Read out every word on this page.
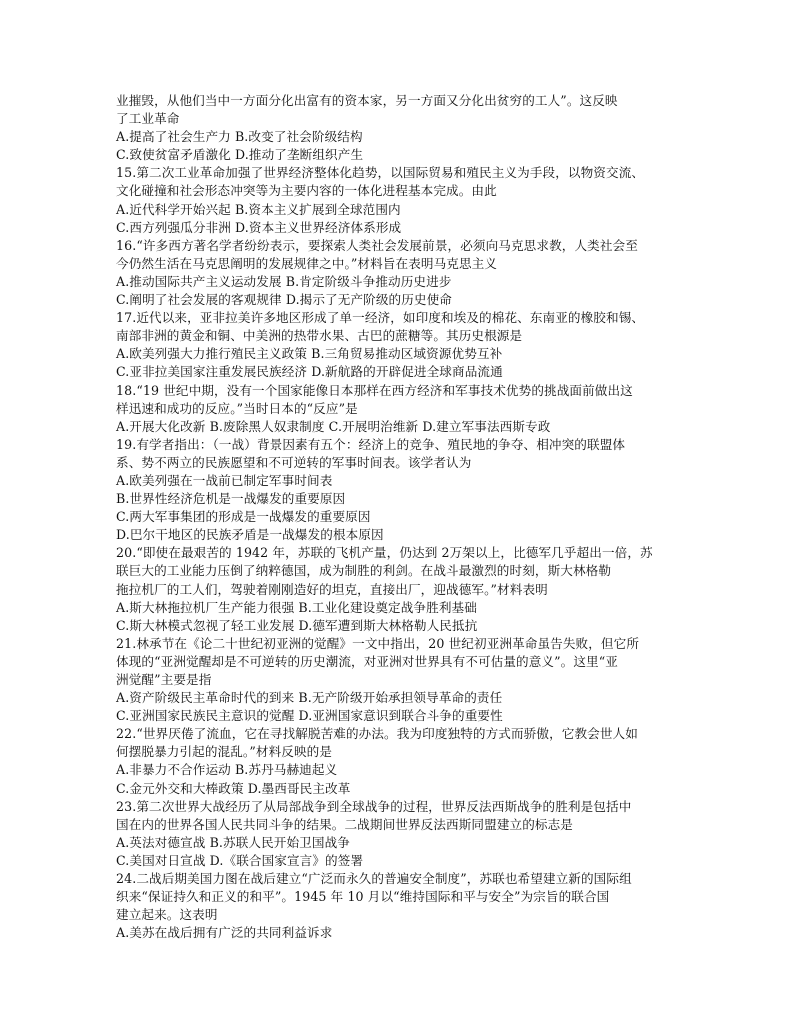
业摧毁，从他们当中一方面分化出富有的资本家，另一方面又分化出贫穷的工人”。这反映
了工业革命
A.提高了社会生产力 B.改变了社会阶级结构
C.致使贫富矛盾激化 D.推动了垄断组织产生
15.第二次工业革命加强了世界经济整体化趋势，以国际贸易和殖民主义为手段，以物资交流、
文化碰撞和社会形态冲突等为主要内容的一体化进程基本完成。由此
A.近代科学开始兴起 B.资本主义扩展到全球范围内
C.西方列强瓜分非洲 D.资本主义世界经济体系形成
16.“许多西方著名学者纷纷表示，要探索人类社会发展前景，必须向马克思求教，人类社会至
今仍然生活在马克思阐明的发展规律之中。”材料旨在表明马克思主义
A.推动国际共产主义运动发展 B.肯定阶级斗争推动历史进步
C.阐明了社会发展的客观规律 D.揭示了无产阶级的历史使命
17.近代以来，亚非拉美许多地区形成了单一经济，如印度和埃及的棉花、东南亚的橡胶和锡、
南部非洲的黄金和铜、中美洲的热带水果、古巴的蔗糖等。其历史根源是
A.欧美列强大力推行殖民主义政策 B.三角贸易推动区域资源优势互补
C.亚非拉美国家注重发展民族经济 D.新航路的开辟促进全球商品流通
18.“19 世纪中期，没有一个国家能像日本那样在西方经济和军事技术优势的挑战面前做出这
样迅速和成功的反应。”当时日本的“反应”是
A.开展大化改新 B.废除黑人奴隶制度 C.开展明治维新 D.建立军事法西斯专政
19.有学者指出：（一战）背景因素有五个：经济上的竞争、殖民地的争夺、相冲突的联盟体
系、势不两立的民族愿望和不可逆转的军事时间表。该学者认为
A.欧美列强在一战前已制定军事时间表
B.世界性经济危机是一战爆发的重要原因
C.两大军事集团的形成是一战爆发的重要原因
D.巴尔干地区的民族矛盾是一战爆发的根本原因
20.“即使在最艰苦的 1942 年，苏联的飞机产量，仍达到 2万架以上，比德军几乎超出一倍，苏
联巨大的工业能力压倒了纳粹德国，成为制胜的利剑。在战斗最激烈的时刻，斯大林格勒
拖拉机厂的工人们，驾驶着刚刚造好的坦克，直接出厂，迎战德军。”材料表明
A.斯大林拖拉机厂生产能力很强 B.工业化建设奠定战争胜利基础
C.斯大林模式忽视了轻工业发展 D.德军遭到斯大林格勒人民抵抗
21.林承节在《论二十世纪初亚洲的觉醒》一文中指出，20 世纪初亚洲革命虽告失败，但它所
体现的“亚洲觉醒却是不可逆转的历史潮流，对亚洲对世界具有不可估量的意义”。这里“亚
洲觉醒”主要是指
A.资产阶级民主革命时代的到来 B.无产阶级开始承担领导革命的责任
C.亚洲国家民族民主意识的觉醒 D.亚洲国家意识到联合斗争的重要性
22.“世界厌倦了流血，它在寻找解脱苦难的办法。我为印度独特的方式而骄傲，它教会世人如
何摆脱暴力引起的混乱。”材料反映的是
A.非暴力不合作运动 B.苏丹马赫迪起义
C.金元外交和大棒政策 D.墨西哥民主改革
23.第二次世界大战经历了从局部战争到全球战争的过程，世界反法西斯战争的胜利是包括中
国在内的世界各国人民共同斗争的结果。二战期间世界反法西斯同盟建立的标志是
A.英法对德宣战 B.苏联人民开始卫国战争
C.美国对日宣战 D.《联合国家宣言》的签署
24.二战后期美国力图在战后建立“广泛而永久的普遍安全制度”，苏联也希望建立新的国际组
织来“保证持久和正义的和平”。1945 年 10 月以“维持国际和平与安全”为宗旨的联合国
建立起来。这表明
A.美苏在战后拥有广泛的共同利益诉求
